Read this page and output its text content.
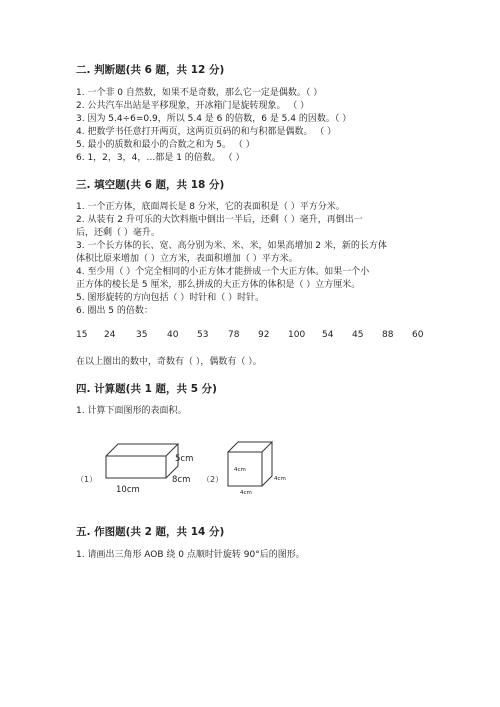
二. 判断题(共 6 题，共 12 分)
1. 一个非 0 自然数，如果不是奇数，那么它一定是偶数。（ ）
2. 公共汽车出站是平移现象，开冰箱门是旋转现象。 （ ）
3. 因为 5.4÷6=0.9，所以 5.4 是 6 的倍数，6 是 5.4 的因数。（ ）
4. 把数学书任意打开两页，这两页页码的和与积都是偶数。 （ ）
5. 最小的质数和最小的合数之和为 5。 （ ）
6. 1，2，3，4，…都是 1 的倍数。 （ ）
三. 填空题(共 6 题，共 18 分)
1. 一个正方体，底面周长是 8 分米，它的表面积是（ ）平方分米。
2. 从装有 2 升可乐的大饮料瓶中倒出一半后，还剩（ ）毫升，再倒出一
后，还剩（ ）毫升。
3. 一个长方体的长、宽、高分别为米、米、米，如果高增加 2 米，新的长方体
体积比原来增加（ ）立方米，表面积增加（ ）平方米。
4. 至少用（ ）个完全相同的小正方体才能拼成一个大正方体。如果一个小
正方体的棱长是 5 厘米，那么拼成的大正方体的体积是（ ）立方厘米。
5. 图形旋转的方向包括（ ）时针和（ ）时针。
6. 圈出 5 的倍数：
15 24 35 40 53 78 92 100 54 45 88 60
在以上圈出的数中，奇数有（ ），偶数有（ ）。
四. 计算题(共 1 题，共 5 分)
1. 计算下面图形的表面积。
（1）
5cm
8cm
10cm
（2）
4cm
4cm
4cm
五. 作图题(共 2 题，共 14 分)
1. 请画出三角形 AOB 绕 0 点顺时针旋转 90°后的图形。
